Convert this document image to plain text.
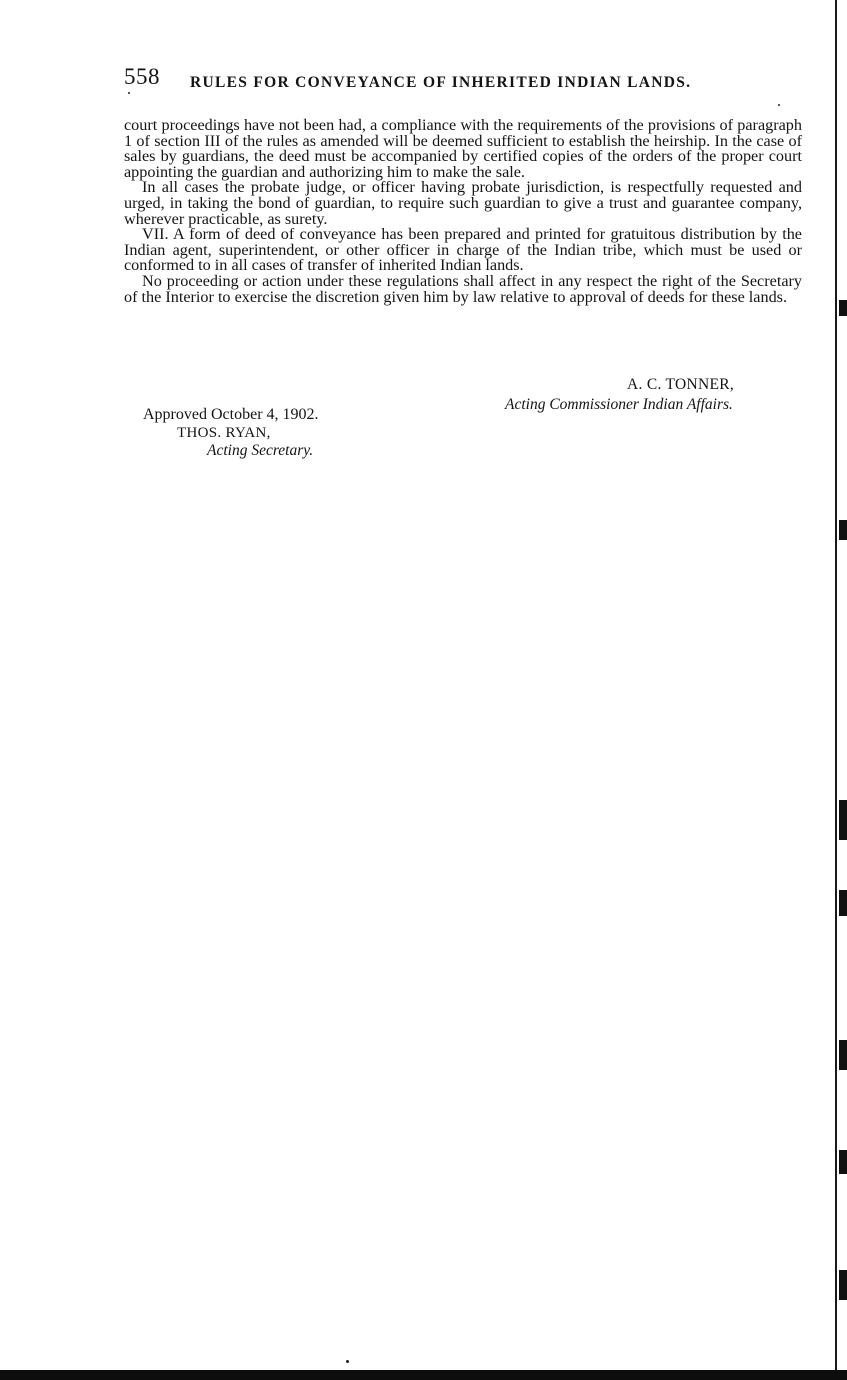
558 RULES FOR CONVEYANCE OF INHERITED INDIAN LANDS.

court proceedings have not been had, a compliance with the requirements of the provisions of paragraph 1 of section III of the rules as amended will be deemed sufficient to establish the heirship. In the case of sales by guardians, the deed must be accompanied by certified copies of the orders of the proper court appointing the guardian and authorizing him to make the sale.

In all cases the probate judge, or officer having probate jurisdiction, is respectfully requested and urged, in taking the bond of guardian, to require such guardian to give a trust and guarantee company, wherever practicable, as surety.

VII. A form of deed of conveyance has been prepared and printed for gratuitous distribution by the Indian agent, superintendent, or other officer in charge of the Indian tribe, which must be used or conformed to in all cases of transfer of inherited Indian lands.

No proceeding or action under these regulations shall affect in any respect the right of the Secretary of the Interior to exercise the discretion given him by law relative to approval of deeds for these lands.

A. C. TONNER,
Acting Commissioner Indian Affairs.
Approved October 4, 1902.
THOS. RYAN,
Acting Secretary.
